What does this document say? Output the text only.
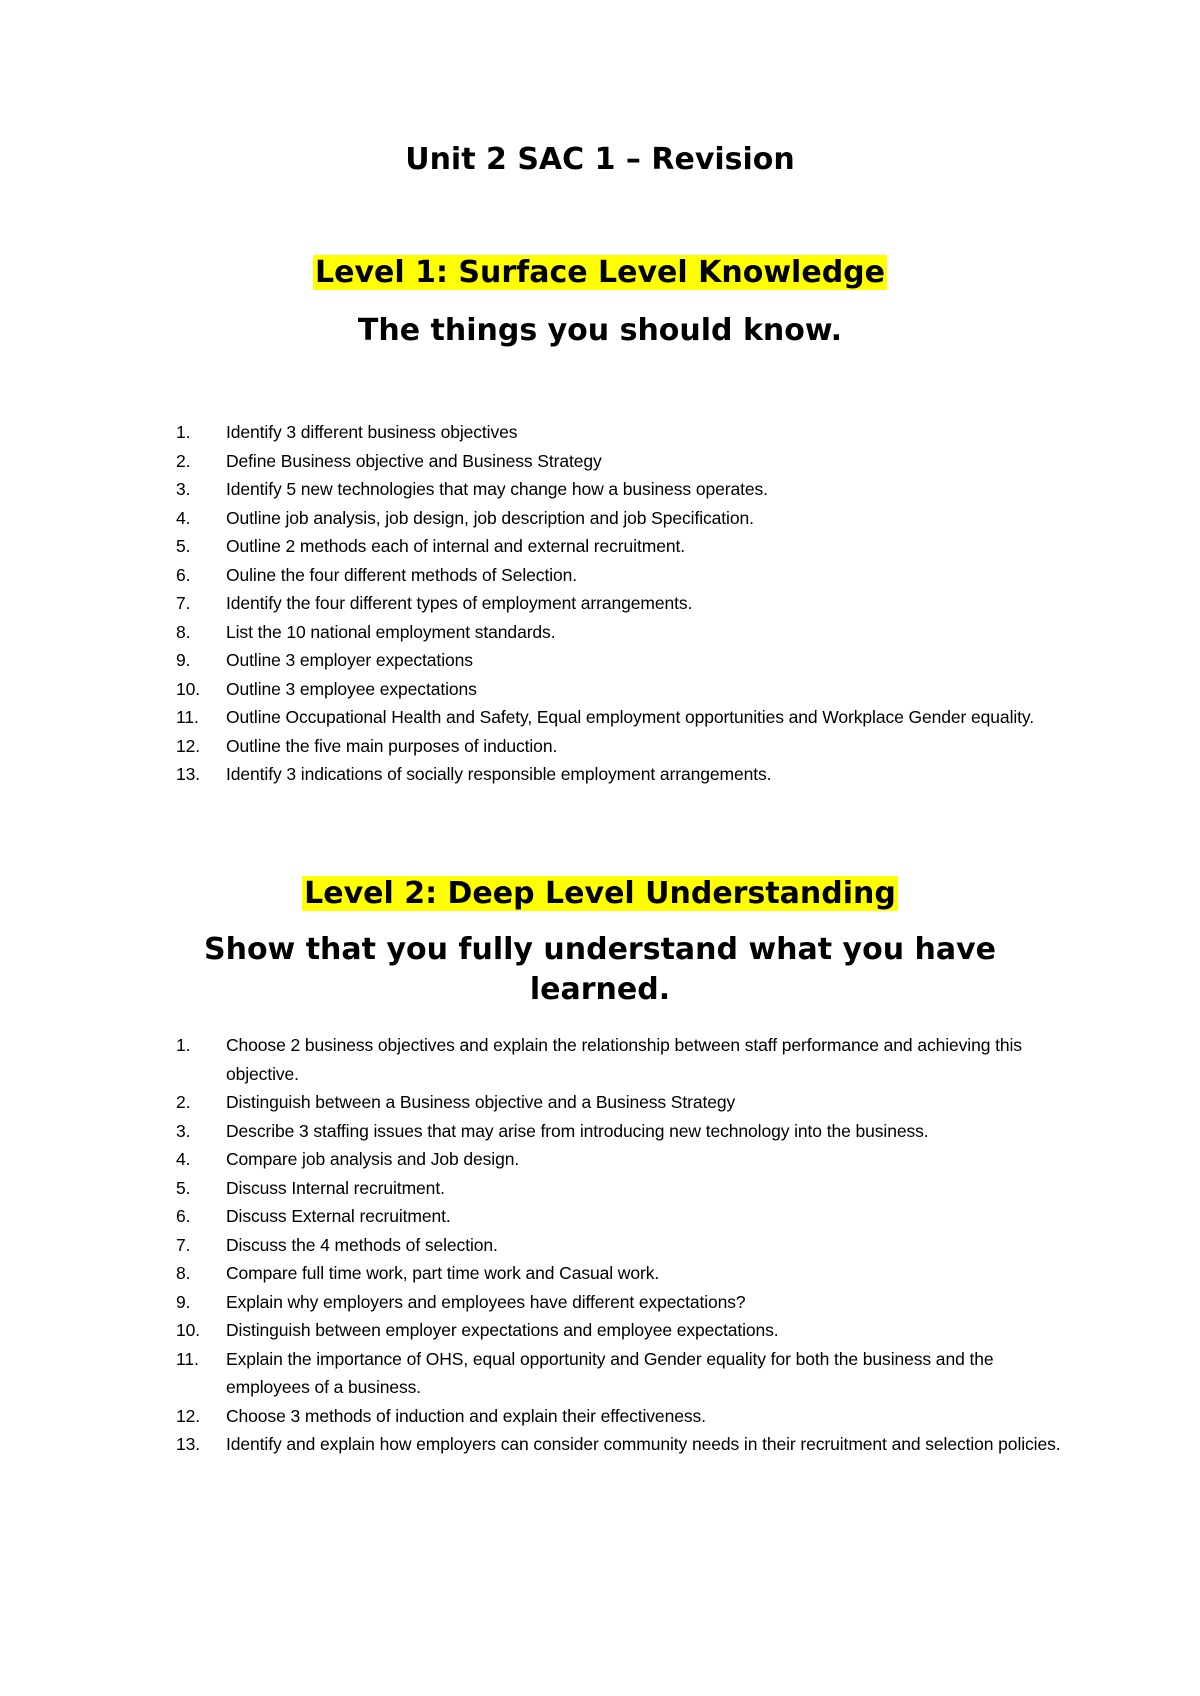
Unit 2 SAC 1 – Revision
Level 1: Surface Level Knowledge
The things you should know.
1.	Identify 3 different business objectives
2.	Define Business objective and Business Strategy
3.	Identify 5 new technologies that may change how a business operates.
4.	Outline job analysis, job design, job description and job Specification.
5.	Outline 2 methods each of internal and external recruitment.
6.	Ouline the four different methods of Selection.
7.	Identify the four different types of employment arrangements.
8.	List the 10 national employment standards.
9.	Outline 3 employer expectations
10.	Outline 3 employee expectations
11.	Outline Occupational Health and Safety, Equal employment opportunities and Workplace Gender equality.
12.	Outline the five main purposes of induction.
13.	Identify 3 indications of socially responsible employment arrangements.
Level 2: Deep Level Understanding
Show that you fully understand what you have learned.
1.	Choose 2 business objectives and explain the relationship between staff performance and achieving this objective.
2.	Distinguish between a Business objective and a Business Strategy
3.	Describe 3 staffing issues that may arise from introducing new technology into the business.
4.	Compare job analysis and Job design.
5.	Discuss Internal recruitment.
6.	Discuss External recruitment.
7.	Discuss the 4 methods of selection.
8.	Compare full time work, part time work and Casual work.
9.	Explain why employers and employees have different expectations?
10.	Distinguish between employer expectations and employee expectations.
11.	Explain the importance of OHS, equal opportunity and Gender equality for both the business and the employees of a business.
12.	Choose 3 methods of induction and explain their effectiveness.
13.	Identify and explain how employers can consider community needs in their recruitment and selection policies.
